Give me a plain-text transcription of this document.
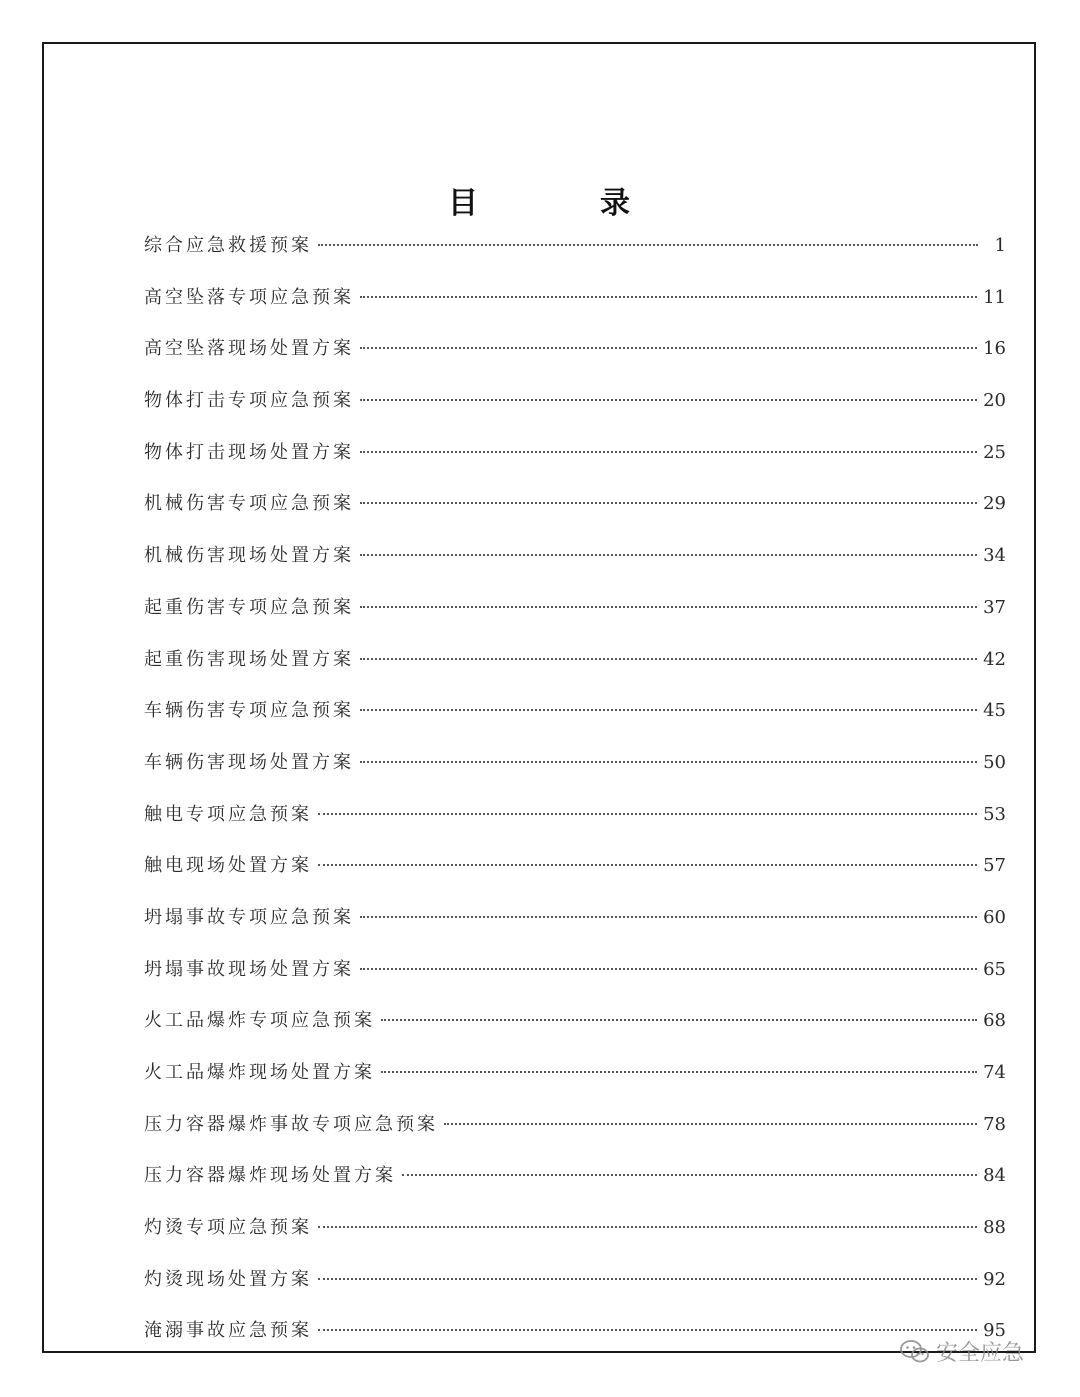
目　录
综合应急救援预案	1
高空坠落专项应急预案	11
高空坠落现场处置方案	16
物体打击专项应急预案	20
物体打击现场处置方案	25
机械伤害专项应急预案	29
机械伤害现场处置方案	34
起重伤害专项应急预案	37
起重伤害现场处置方案	42
车辆伤害专项应急预案	45
车辆伤害现场处置方案	50
触电专项应急预案	53
触电现场处置方案	57
坍塌事故专项应急预案	60
坍塌事故现场处置方案	65
火工品爆炸专项应急预案	68
火工品爆炸现场处置方案	74
压力容器爆炸事故专项应急预案	78
压力容器爆炸现场处置方案	84
灼烫专项应急预案	88
灼烫现场处置方案	92
淹溺事故应急预案	95
安全应急
